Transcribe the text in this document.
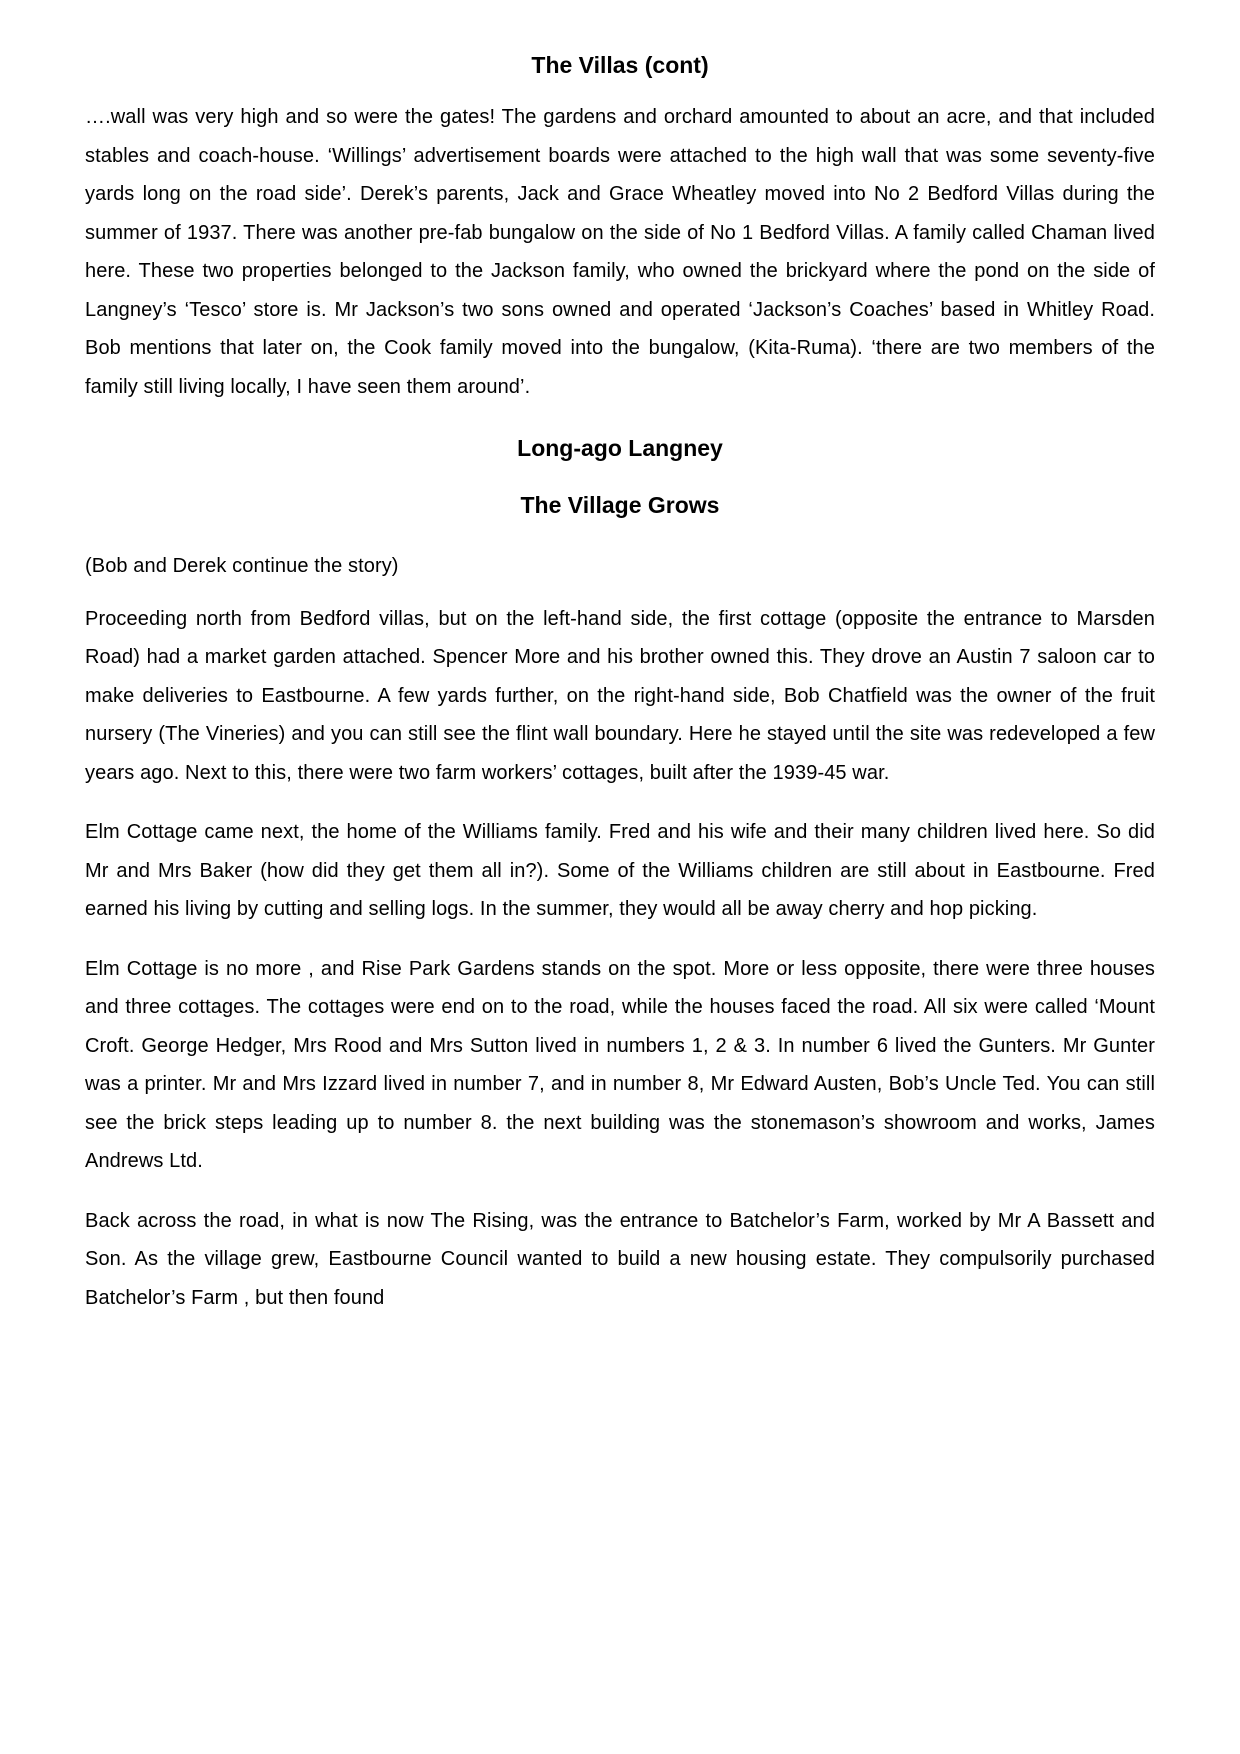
The Villas (cont)

….wall was very high and so were the gates! The gardens and orchard amounted to about an acre, and that included stables and coach-house. ‘Willings’ advertisement boards were attached to the high wall that was some seventy-five yards long on the road side’. Derek’s parents, Jack and Grace Wheatley moved into No 2 Bedford Villas during the summer of 1937. There was another pre-fab bungalow on the side of No 1 Bedford Villas. A family called Chaman lived here. These two properties belonged to the Jackson family, who owned the brickyard where the pond on the side of Langney’s ‘Tesco’ store is. Mr Jackson’s two sons owned and operated ‘Jackson’s Coaches’ based in Whitley Road. Bob mentions that later on, the Cook family moved into the bungalow, (Kita-Ruma). ‘there are two members of the family still living locally, I have seen them around’.

Long-ago Langney
The Village Grows

(Bob and Derek continue the story)

Proceeding north from Bedford villas, but on the left-hand side, the first cottage (opposite the entrance to Marsden Road) had a market garden attached. Spencer More and his brother owned this. They drove an Austin 7 saloon car to make deliveries to Eastbourne. A few yards further, on the right-hand side, Bob Chatfield was the owner of the fruit nursery (The Vineries) and you can still see the flint wall boundary. Here he stayed until the site was redeveloped a few years ago. Next to this, there were two farm workers’ cottages, built after the 1939-45 war.

Elm Cottage came next, the home of the Williams family. Fred and his wife and their many children lived here. So did Mr and Mrs Baker (how did they get them all in?). Some of the Williams children are still about in Eastbourne. Fred earned his living by cutting and selling logs. In the summer, they would all be away cherry and hop picking.

Elm Cottage is no more , and Rise Park Gardens stands on the spot. More or less opposite, there were three houses and three cottages. The cottages were end on to the road, while the houses faced the road. All six were called ‘Mount Croft. George Hedger, Mrs Rood and Mrs Sutton lived in numbers 1, 2 & 3. In number 6 lived the Gunters. Mr Gunter was a printer. Mr and Mrs Izzard lived in number 7, and in number 8, Mr Edward Austen, Bob’s Uncle Ted. You can still see the brick steps leading up to number 8. the next building was the stonemason’s showroom and works, James Andrews Ltd.

Back across the road, in what is now The Rising, was the entrance to Batchelor’s Farm, worked by Mr A Bassett and Son. As the village grew, Eastbourne Council wanted to build a new housing estate. They compulsorily purchased Batchelor’s Farm , but then found
